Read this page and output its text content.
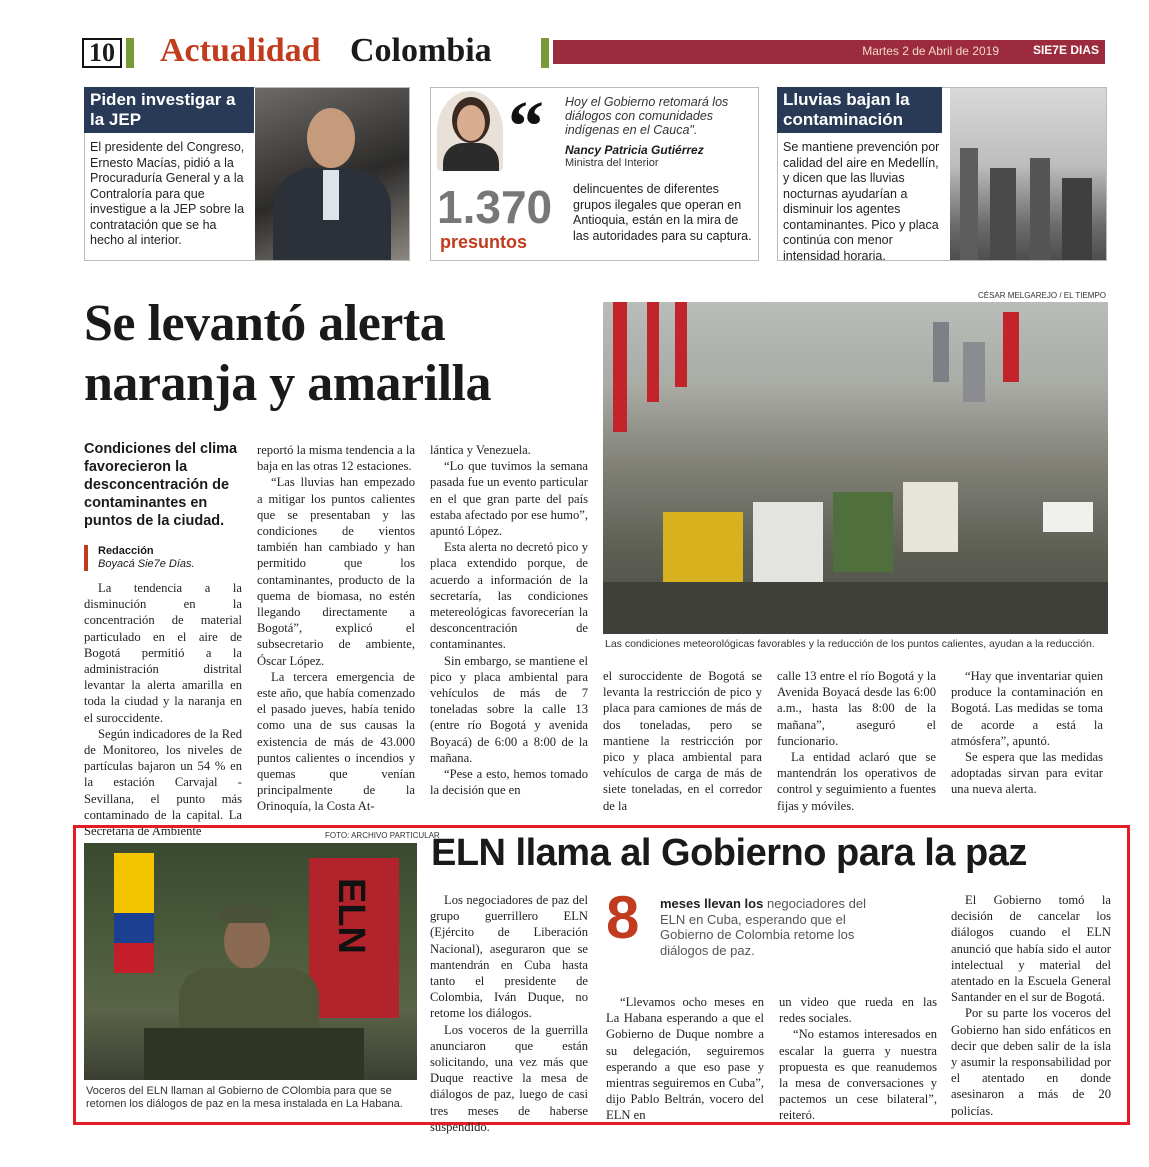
10 Actualidad Colombia	Martes 2 de Abril de 2019	SIE7E DIAS
Piden investigar a la JEP
El presidente del Congreso, Ernesto Macías, pidió a la Procuraduría General y a la Contraloría para que investigue a la JEP sobre la contratación que se ha hecho al interior.
“ Hoy el Gobierno retomará los diálogos con comunidades indígenas en el Cauca".
Nancy Patricia Gutiérrez
Ministra del Interior
1.370
presuntos
delincuentes de diferentes grupos ilegales que operan en Antioquia, están en la mira de las autoridades para su captura.
Lluvias bajan la contaminación
Se mantiene prevención por calidad del aire en Medellín, y dicen que las lluvias nocturnas ayudarían a disminuir los agentes contaminantes. Pico y placa continúa con menor intensidad horaria.
Se levantó alerta naranja y amarilla
Condiciones del clima favorecieron la desconcentración de contaminantes en puntos de la ciudad.
Redacción
Boyacá Sie7e Días.

La tendencia a la disminución en la concentración de material particulado en el aire de Bogotá permitió a la administración distrital levantar la alerta amarilla en toda la ciudad y la naranja en el suroccidente.

Según indicadores de la Red de Monitoreo, los niveles de partículas bajaron un 54 % en la estación Carvajal - Sevillana, el punto más contaminado de la capital. La Secretaría de Ambiente

reportó la misma tendencia a la baja en las otras 12 estaciones.

“Las lluvias han empezado a mitigar los puntos calientes que se presentaban y las condiciones de vientos también han cambiado y han permitido que los contaminantes, producto de la quema de biomasa, no estén llegando directamente a Bogotá”, explicó el subsecretario de ambiente, Óscar López.

La tercera emergencia de este año, que había comenzado el pasado jueves, había tenido como una de sus causas la existencia de más de 43.000 puntos calientes o incendios y quemas que venían principalmente de la Orinoquía, la Costa At-

lántica y Venezuela.

“Lo que tuvimos la semana pasada fue un evento particular en el que gran parte del país estaba afectado por ese humo”, apuntó López.

Esta alerta no decretó pico y placa extendido porque, de acuerdo a información de la secretaría, las condiciones metereológicas favorecerían la desconcentración de contaminantes.

Sin embargo, se mantiene el pico y placa ambiental para vehículos de más de 7 toneladas sobre la calle 13 (entre río Bogotá y avenida Boyacá) de 6:00 a 8:00 de la mañana.

“Pese a esto, hemos tomado la decisión que en

CÉSAR MELGAREJO / EL TIEMPO
Las condiciones meteorológicas favorables y la reducción de los puntos calientes, ayudan a la reducción.

el suroccidente de Bogotá se levanta la restricción de pico y placa para camiones de más de dos toneladas, pero se mantiene la restricción por pico y placa ambiental para vehículos de carga de más de siete toneladas, en el corredor de la

calle 13 entre el río Bogotá y la Avenida Boyacá desde las 6:00 a.m., hasta las 8:00 de la mañana”, aseguró el funcionario.

La entidad aclaró que se mantendrán los operativos de control y seguimiento a fuentes fijas y móviles.

“Hay que inventariar quien produce la contaminación en Bogotá. Las medidas se toma de acorde a está la atmósfera”, apuntó.

Se espera que las medidas adoptadas sirvan para evitar una nueva alerta.

FOTO: ARCHIVO PARTICULAR
ELN
Voceros del ELN llaman al Gobierno de COlombia para que se retomen los diálogos de paz en la mesa instalada en La Habana.
ELN llama al Gobierno para la paz
8 meses llevan los negociadores del ELN en Cuba, esperando que el Gobierno de Colombia retome los diálogos de paz.

Los negociadores de paz del grupo guerrillero ELN (Ejército de Liberación Nacional), aseguraron que se mantendrán en Cuba hasta tanto el presidente de Colombia, Iván Duque, no retome los diálogos.

Los voceros de la guerrilla anunciaron que están solicitando, una vez más que Duque reactive la mesa de diálogos de paz, luego de casi tres meses de haberse suspendido.

“Llevamos ocho meses en La Habana esperando a que el Gobierno de Duque nombre a su delegación, seguiremos esperando a que eso pase y mientras seguiremos en Cuba”, dijo Pablo Beltrán, vocero del ELN en

un video que rueda en las redes sociales.

“No estamos interesados en escalar la guerra y nuestra propuesta es que reanudemos la mesa de conversaciones y pactemos un cese bilateral”, reiteró.

El Gobierno tomó la decisión de cancelar los diálogos cuando el ELN anunció que había sido el autor intelectual y material del atentado en la Escuela General Santander en el sur de Bogotá.

Por su parte los voceros del Gobierno han sido enfáticos en decir que deben salir de la isla y asumir la responsabilidad por el atentado en donde asesinaron a más de 20 policías.
